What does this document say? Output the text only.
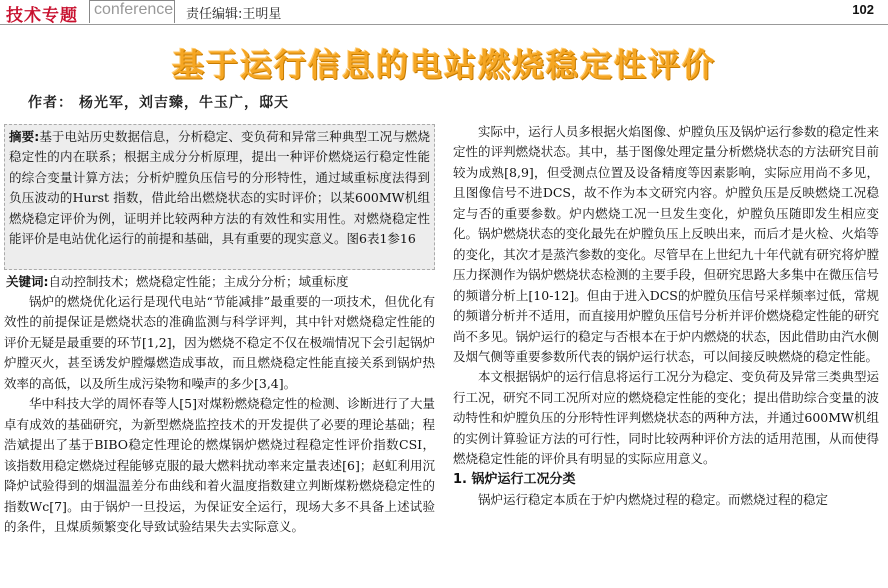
技术专题 conference 责任编辑:王明星	102
基于运行信息的电站燃烧稳定性评价
作者： 杨光军，刘吉臻，牛玉广，邸天
摘要:基于电站历史数据信息，分析稳定、变负荷和异常三种典型工况与燃烧稳定性的内在联系；根据主成分分析原理，提出一种评价燃烧运行稳定性能的综合变量计算方法；分析炉膛负压信号的分形特性，通过域重标度法得到负压波动的Hurst 指数，借此给出燃烧状态的实时评价；以某600MW机组燃烧稳定评价为例，证明并比较两种方法的有效性和实用性。对燃烧稳定性能评价是电站优化运行的前提和基础，具有重要的现实意义。图6表1参16
关键词:自动控制技术；燃烧稳定性能；主成分分析；域重标度

锅炉的燃烧优化运行是现代电站“节能减排”最重要的一项技术，但优化有效性的前提保证是燃烧状态的准确监测与科学评判，其中针对燃烧稳定性能的评价无疑是最重要的环节[1,2]，因为燃烧不稳定不仅在极端情况下会引起锅炉炉膛灭火，甚至诱发炉膛爆燃造成事故，而且燃烧稳定性能直接关系到锅炉热效率的高低，以及所生成污染物和噪声的多少[3,4]。

华中科技大学的周怀春等人[5]对煤粉燃烧稳定性的检测、诊断进行了大量卓有成效的基础研究，为新型燃烧监控技术的开发提供了必要的理论基础；程浩斌提出了基于BIBO稳定性理论的燃煤锅炉燃烧过程稳定性评价指数CSI，该指数用稳定燃烧过程能够克服的最大燃料扰动率来定量表述[6]；赵虹利用沉降炉试验得到的烟温温差分布曲线和着火温度指数建立判断煤粉燃烧稳定性的指数Wc[7]。由于锅炉一旦投运，为保证安全运行，现场大多不具备上述试验的条件，且煤质频繁变化导致试验结果失去实际意义。

实际中，运行人员多根据火焰图像、炉膛负压及锅炉运行参数的稳定性来定性的评判燃烧状态。其中，基于图像处理定量分析燃烧状态的方法研究目前较为成熟[8,9]，但受测点位置及设备精度等因素影响，实际应用尚不多见，且图像信号不进DCS，故不作为本文研究内容。炉膛负压是反映燃烧工况稳定与否的重要参数。炉内燃烧工况一旦发生变化，炉膛负压随即发生相应变化。锅炉燃烧状态的变化最先在炉膛负压上反映出来，而后才是火检、火焰等的变化，其次才是蒸汽参数的变化。尽管早在上世纪九十年代就有研究将炉膛压力探测作为锅炉燃烧状态检测的主要手段，但研究思路大多集中在微压信号的频谱分析上[10-12]。但由于进入DCS的炉膛负压信号采样频率过低，常规的频谱分析并不适用，而直接用炉膛负压信号分析并评价燃烧稳定性能的研究尚不多见。锅炉运行的稳定与否根本在于炉内燃烧的状态，因此借助由汽水侧及烟气侧等重要参数所代表的锅炉运行状态，可以间接反映燃烧的稳定性能。

本文根据锅炉的运行信息将运行工况分为稳定、变负荷及异常三类典型运行工况，研究不同工况所对应的燃烧稳定性能的变化；提出借助综合变量的波动特性和炉膛负压的分形特性评判燃烧状态的两种方法，并通过600MW机组的实例计算验证方法的可行性，同时比较两种评价方法的适用范围，从而使得燃烧稳定性能的评价具有明显的实际应用意义。

1. 锅炉运行工况分类

锅炉运行稳定本质在于炉内燃烧过程的稳定。而燃烧过程的稳定
